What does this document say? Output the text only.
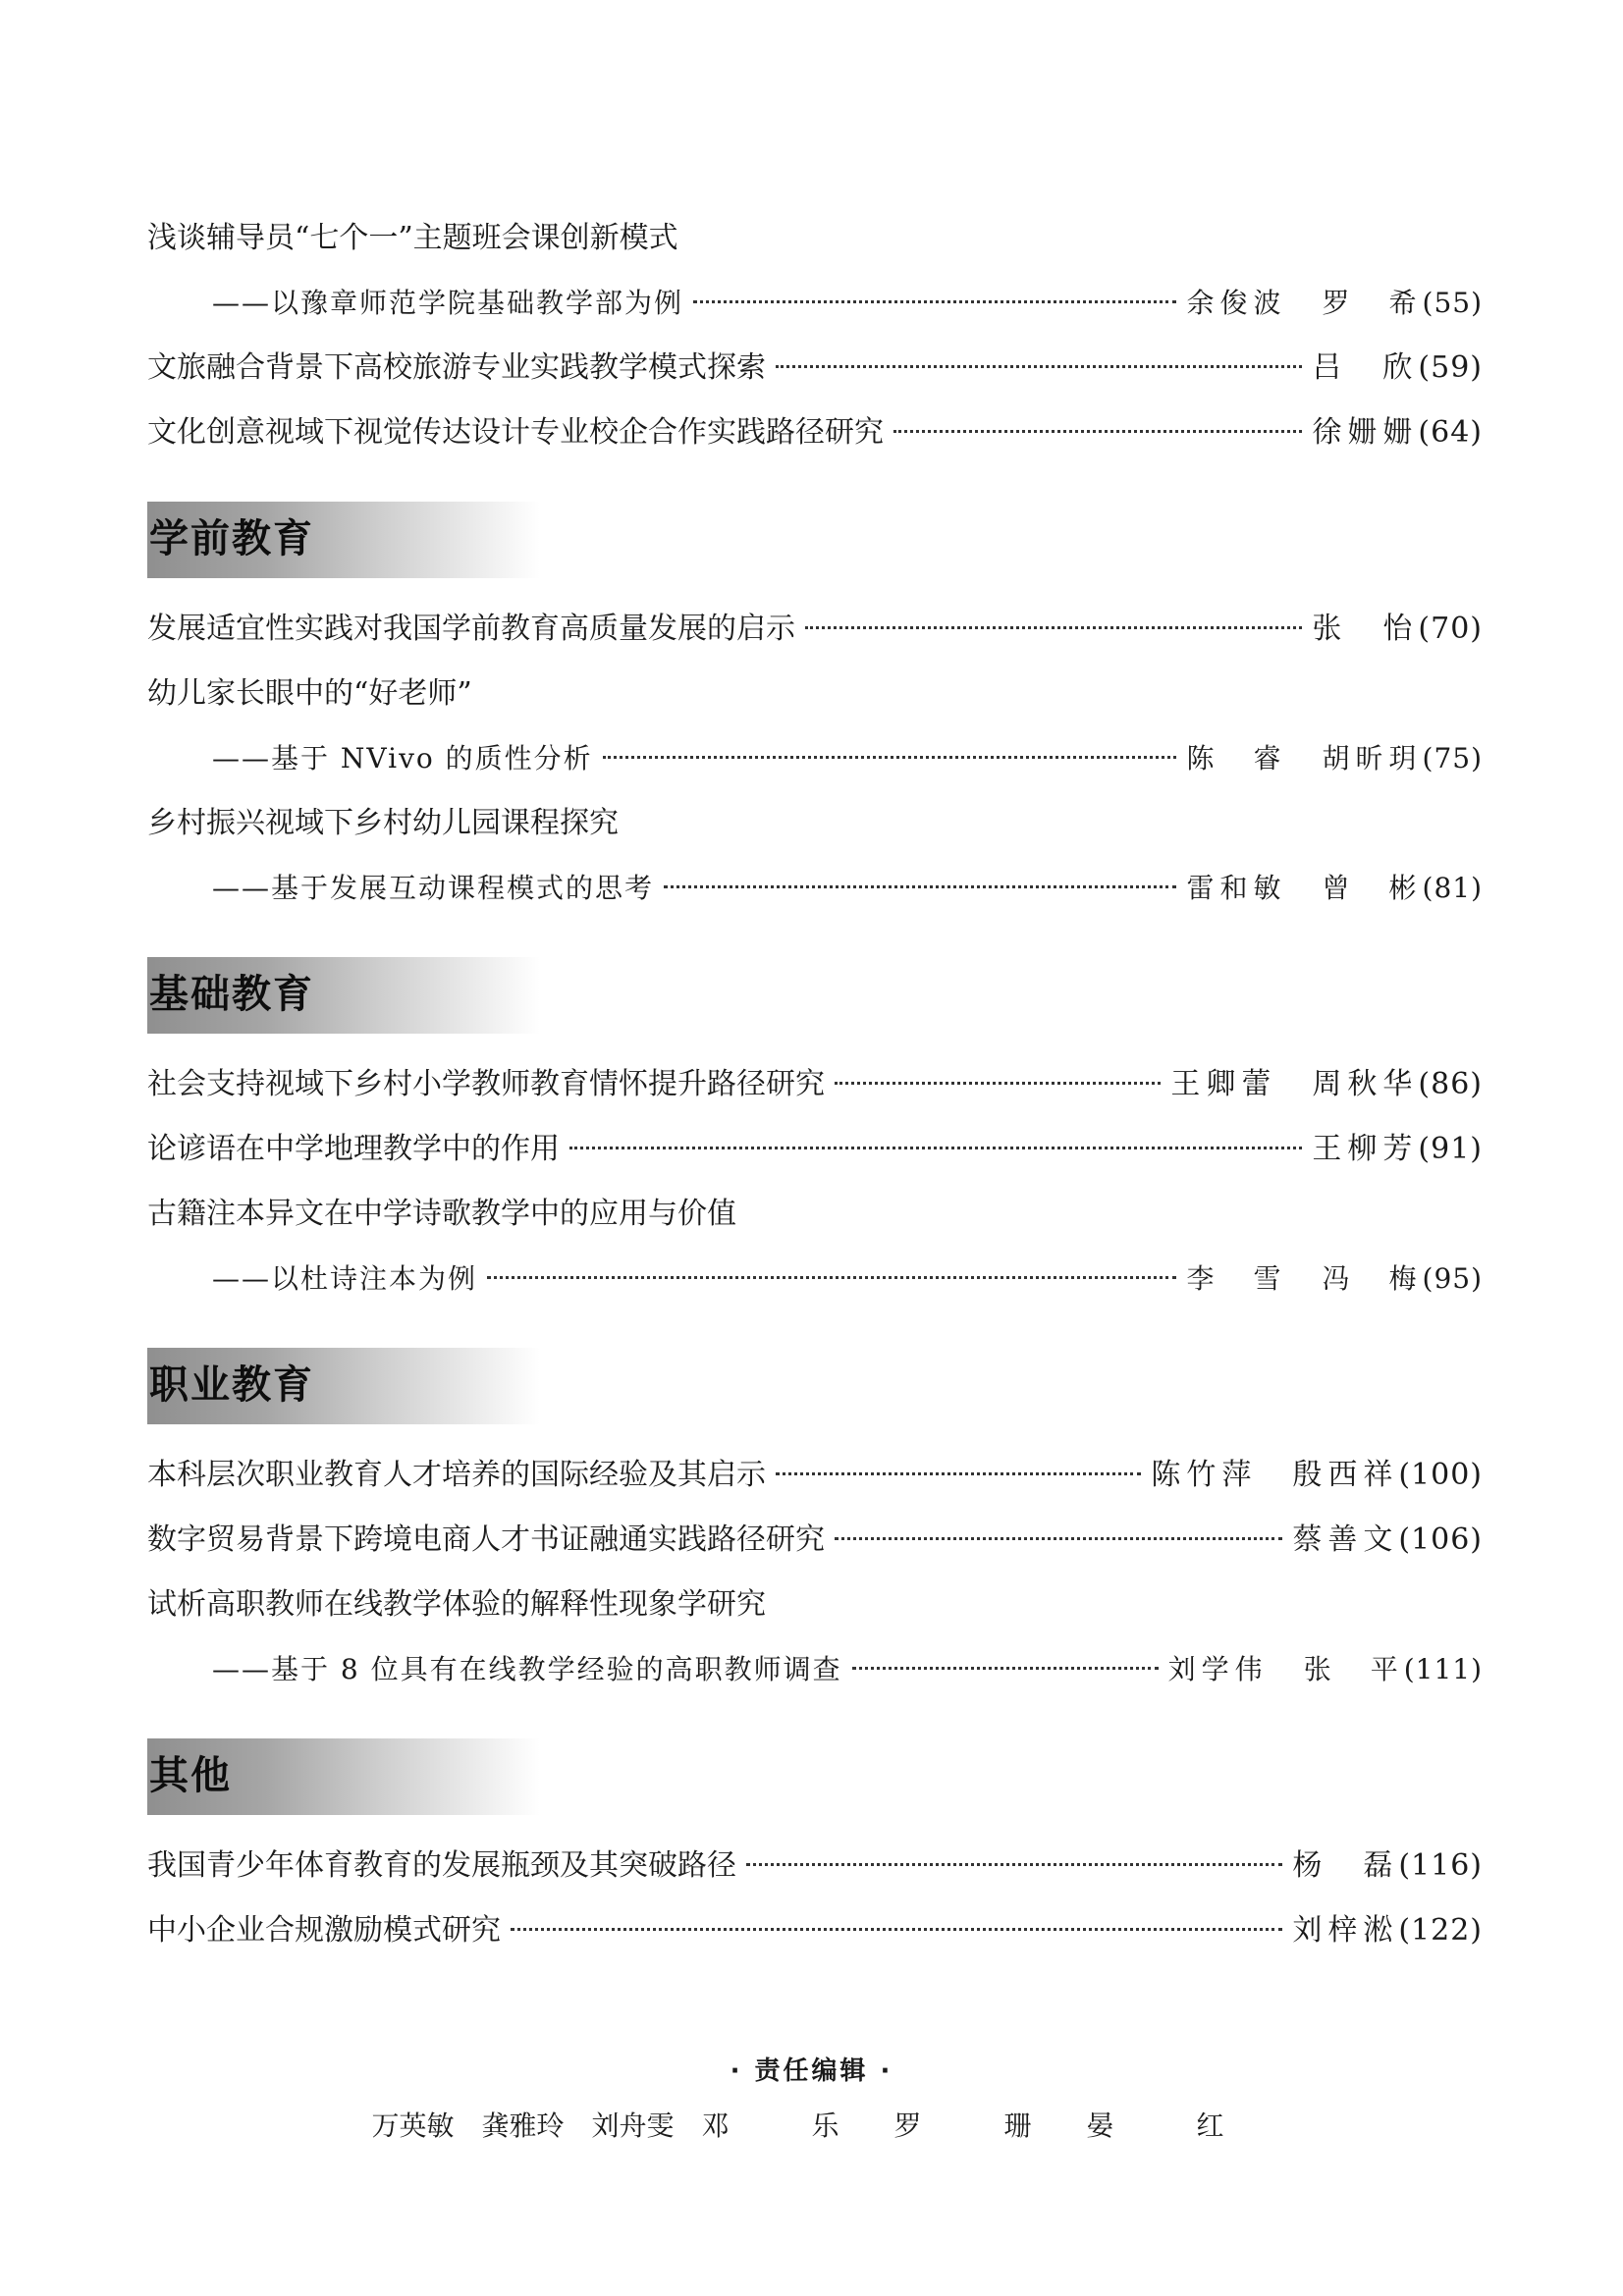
浅谈辅导员“七个一”主题班会课创新模式
——以豫章师范学院基础教学部为例	余俊波 罗　希 (55)
文旅融合背景下高校旅游专业实践教学模式探索	吕　欣 (59)
文化创意视域下视觉传达设计专业校企合作实践路径研究	徐姗姗 (64)
学前教育
发展适宜性实践对我国学前教育高质量发展的启示	张　怡 (70)
幼儿家长眼中的“好老师”
——基于 NVivo 的质性分析	陈　睿 胡昕玥 (75)
乡村振兴视域下乡村幼儿园课程探究
——基于发展互动课程模式的思考	雷和敏 曾　彬 (81)
基础教育
社会支持视域下乡村小学教师教育情怀提升路径研究	王卿蕾 周秋华 (86)
论谚语在中学地理教学中的作用	王柳芳 (91)
古籍注本异文在中学诗歌教学中的应用与价值
——以杜诗注本为例	李　雪 冯　梅 (95)
职业教育
本科层次职业教育人才培养的国际经验及其启示	陈竹萍 殷西祥 (100)
数字贸易背景下跨境电商人才书证融通实践路径研究	蔡善文 (106)
试析高职教师在线教学体验的解释性现象学研究
——基于 8 位具有在线教学经验的高职教师调查	刘学伟 张　平 (111)
其他
我国青少年体育教育的发展瓶颈及其突破路径	杨　磊 (116)
中小企业合规激励模式研究	刘梓淞 (122)
· 责任编辑 ·
万英敏 龚雅玲 刘舟雯 邓　乐 罗　珊 晏　红
